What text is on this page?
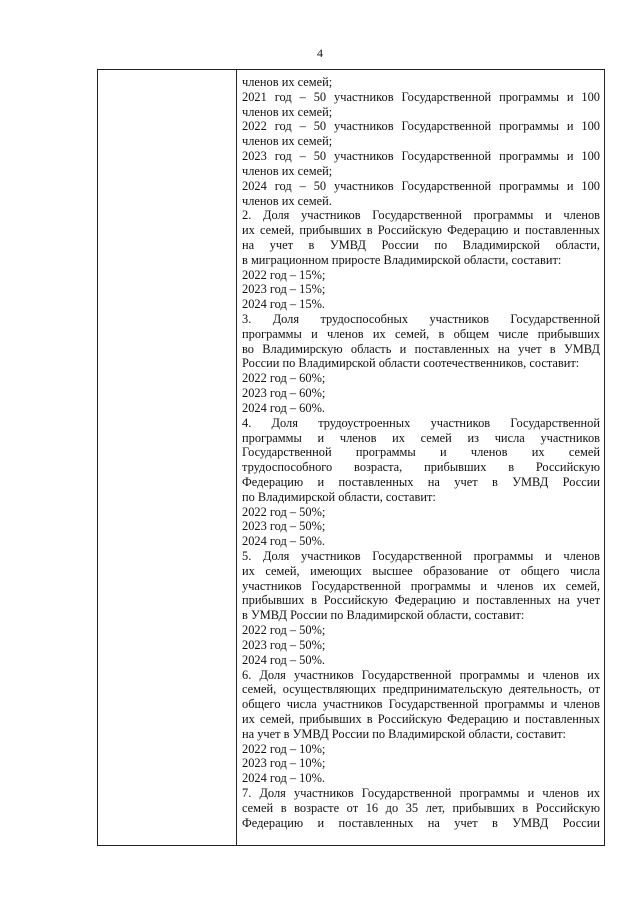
4
членов их семей;
2021 год – 50 участников Государственной программы и 100
членов их семей;
2022 год – 50 участников Государственной программы и 100
членов их семей;
2023 год – 50 участников Государственной программы и 100
членов их семей;
2024 год – 50 участников Государственной программы и 100
членов их семей.
2. Доля участников Государственной программы и членов
их семей, прибывших в Российскую Федерацию и поставленных
на учет в УМВД России по Владимирской области,
в миграционном приросте Владимирской области, составит:
2022 год – 15%;
2023 год – 15%;
2024 год – 15%.
3. Доля трудоспособных участников Государственной
программы и членов их семей, в общем числе прибывших
во Владимирскую область и поставленных на учет в УМВД
России по Владимирской области соотечественников, составит:
2022 год – 60%;
2023 год – 60%;
2024 год – 60%.
4. Доля трудоустроенных участников Государственной
программы и членов их семей из числа участников
Государственной программы и членов их семей
трудоспособного возраста, прибывших в Российскую
Федерацию и поставленных на учет в УМВД России
по Владимирской области, составит:
2022 год – 50%;
2023 год – 50%;
2024 год – 50%.
5. Доля участников Государственной программы и членов
их семей, имеющих высшее образование от общего числа
участников Государственной программы и членов их семей,
прибывших в Российскую Федерацию и поставленных на учет
в УМВД России по Владимирской области, составит:
2022 год – 50%;
2023 год – 50%;
2024 год – 50%.
6. Доля участников Государственной программы и членов их
семей, осуществляющих предпринимательскую деятельность, от
общего числа участников Государственной программы и членов
их семей, прибывших в Российскую Федерацию и поставленных
на учет в УМВД России по Владимирской области, составит:
2022 год – 10%;
2023 год – 10%;
2024 год – 10%.
7. Доля участников Государственной программы и членов их
семей в возрасте от 16 до 35 лет, прибывших в Российскую
Федерацию и поставленных на учет в УМВД России
